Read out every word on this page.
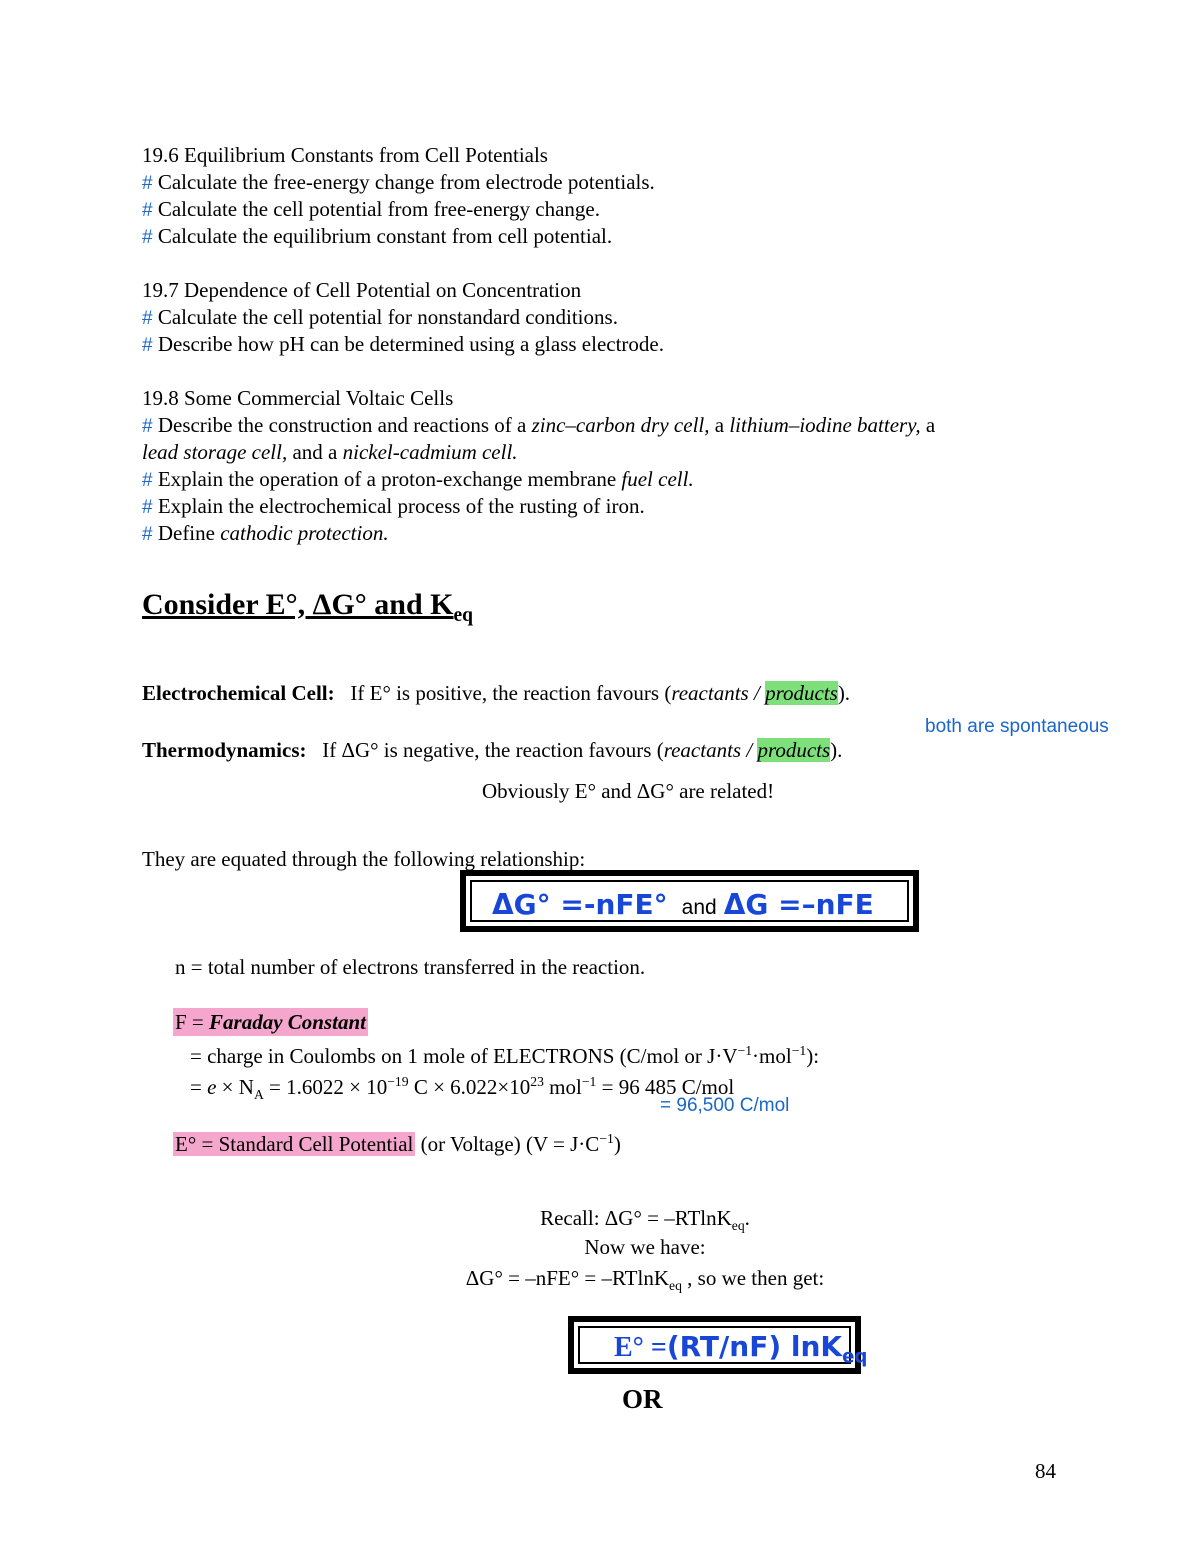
19.6 Equilibrium Constants from Cell Potentials
# Calculate the free-energy change from electrode potentials.
# Calculate the cell potential from free-energy change.
# Calculate the equilibrium constant from cell potential.
19.7 Dependence of Cell Potential on Concentration
# Calculate the cell potential for nonstandard conditions.
# Describe how pH can be determined using a glass electrode.
19.8 Some Commercial Voltaic Cells
# Describe the construction and reactions of a zinc–carbon dry cell, a lithium–iodine battery, a
lead storage cell, and a nickel-cadmium cell.
# Explain the operation of a proton-exchange membrane fuel cell.
# Explain the electrochemical process of the rusting of iron.
# Define cathodic protection.
Consider E°, ΔG° and $K_{eq}$
Electrochemical Cell: If E° is positive, the reaction favours (reactants / products).
both are spontaneous
Thermodynamics: If ΔG° is negative, the reaction favours (reactants / products).
Obviously E° and ΔG° are related!
They are equated through the following relationship:
ΔG° =-nFE° and ΔG =–nFE
n = total number of electrons transferred in the reaction.
F = Faraday Constant
= charge in Coulombs on 1 mole of ELECTRONS (C/mol or $J\cdot V^{-1}\cdot mol^{-1}$):
= $e \times N_A = 1.6022 \times 10^{-19}$ $C \times 6.022\times 10^{23}$ mol$^{-1}$ = 96 485 C/mol
= 96,500 C/mol
E° = Standard Cell Potential (or Voltage) $(V = J\cdot C^{-1})$
Recall: ΔG° = –RTlnK$_{eq}$.
Now we have:
ΔG° = –nFE° = –RTlnK$_{eq}$ , so we then get:
E° =(RT/nF) lnK$_{eq}$
OR
84
